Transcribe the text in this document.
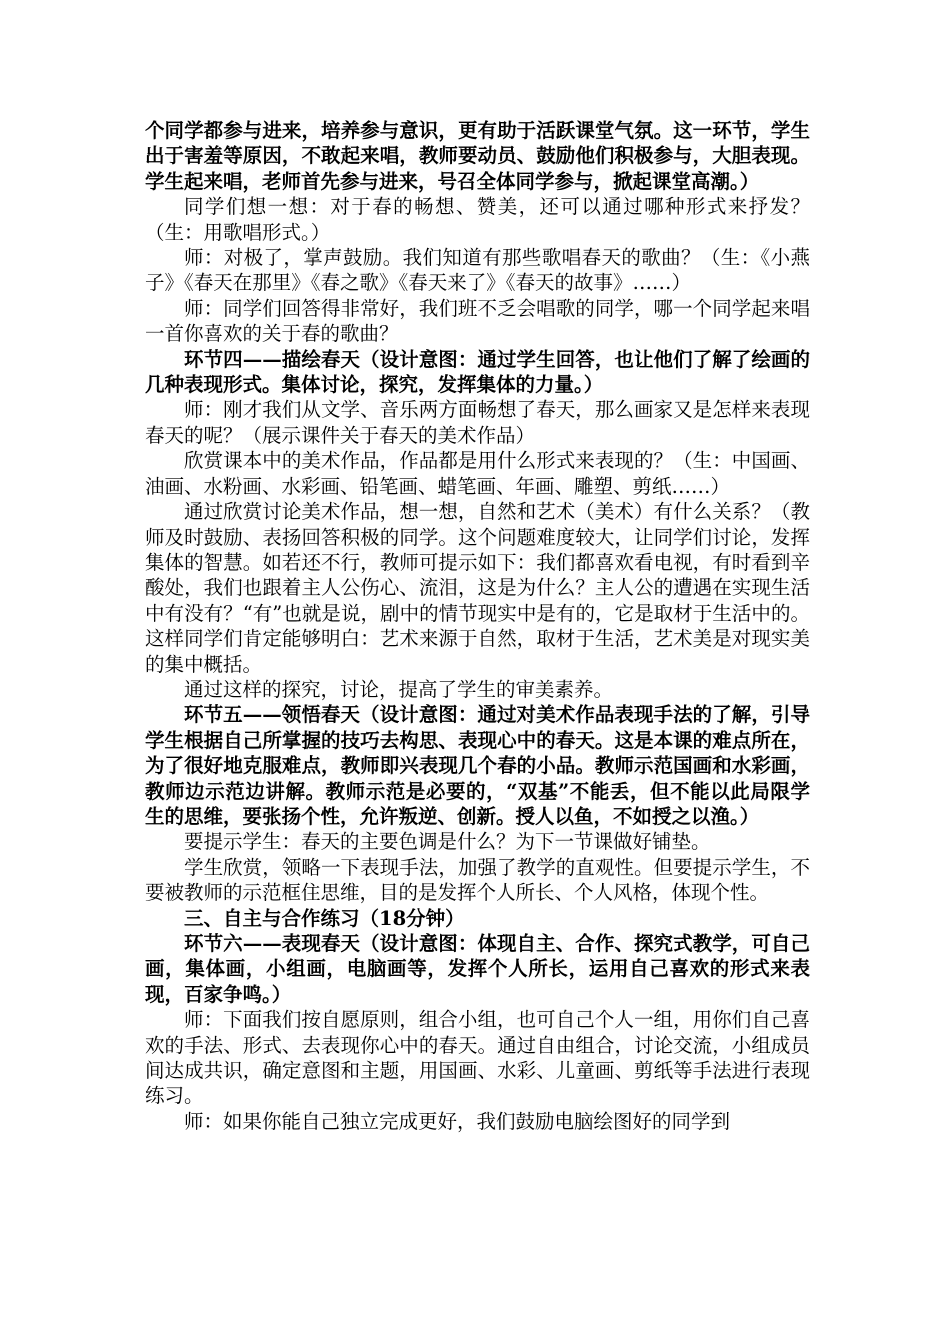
个同学都参与进来，培养参与意识，更有助于活跃课堂气氛。这一环节，学生出于害羞等原因，不敢起来唱，教师要动员、鼓励他们积极参与，大胆表现。学生起来唱，老师首先参与进来，号召全体同学参与，掀起课堂高潮。）

同学们想一想：对于春的畅想、赞美，还可以通过哪种形式来抒发？（生：用歌唱形式。）

师：对极了，掌声鼓励。我们知道有那些歌唱春天的歌曲？（生：《小燕子》《春天在那里》《春之歌》《春天来了》《春天的故事》……）

师：同学们回答得非常好，我们班不乏会唱歌的同学，哪一个同学起来唱一首你喜欢的关于春的歌曲？

环节四——描绘春天（设计意图：通过学生回答，也让他们了解了绘画的几种表现形式。集体讨论，探究，发挥集体的力量。）

师：刚才我们从文学、音乐两方面畅想了春天，那么画家又是怎样来表现春天的呢？（展示课件关于春天的美术作品）

欣赏课本中的美术作品，作品都是用什么形式来表现的？（生：中国画、油画、水粉画、水彩画、铅笔画、蜡笔画、年画、雕塑、剪纸……）

通过欣赏讨论美术作品，想一想，自然和艺术（美术）有什么关系？（教师及时鼓励、表扬回答积极的同学。这个问题难度较大，让同学们讨论，发挥集体的智慧。如若还不行，教师可提示如下：我们都喜欢看电视，有时看到辛酸处，我们也跟着主人公伤心、流泪，这是为什么？主人公的遭遇在实现生活中有没有？“有”也就是说，剧中的情节现实中是有的，它是取材于生活中的。这样同学们肯定能够明白：艺术来源于自然，取材于生活，艺术美是对现实美的集中概括。

通过这样的探究，讨论，提高了学生的审美素养。

环节五——领悟春天（设计意图：通过对美术作品表现手法的了解，引导学生根据自己所掌握的技巧去构思、表现心中的春天。这是本课的难点所在，为了很好地克服难点，教师即兴表现几个春的小品。教师示范国画和水彩画，教师边示范边讲解。教师示范是必要的，“双基”不能丢，但不能以此局限学生的思维，要张扬个性，允许叛逆、创新。授人以鱼，不如授之以渔。）

要提示学生：春天的主要色调是什么？为下一节课做好铺垫。

学生欣赏，领略一下表现手法，加强了教学的直观性。但要提示学生，不要被教师的示范框住思维，目的是发挥个人所长、个人风格，体现个性。

三、自主与合作练习（18分钟）

环节六——表现春天（设计意图：体现自主、合作、探究式教学，可自己画，集体画，小组画，电脑画等，发挥个人所长，运用自己喜欢的形式来表现，百家争鸣。）

师：下面我们按自愿原则，组合小组，也可自己个人一组，用你们自己喜欢的手法、形式、去表现你心中的春天。通过自由组合，讨论交流，小组成员间达成共识，确定意图和主题，用国画、水彩、儿童画、剪纸等手法进行表现练习。

师：如果你能自己独立完成更好，我们鼓励电脑绘图好的同学到
